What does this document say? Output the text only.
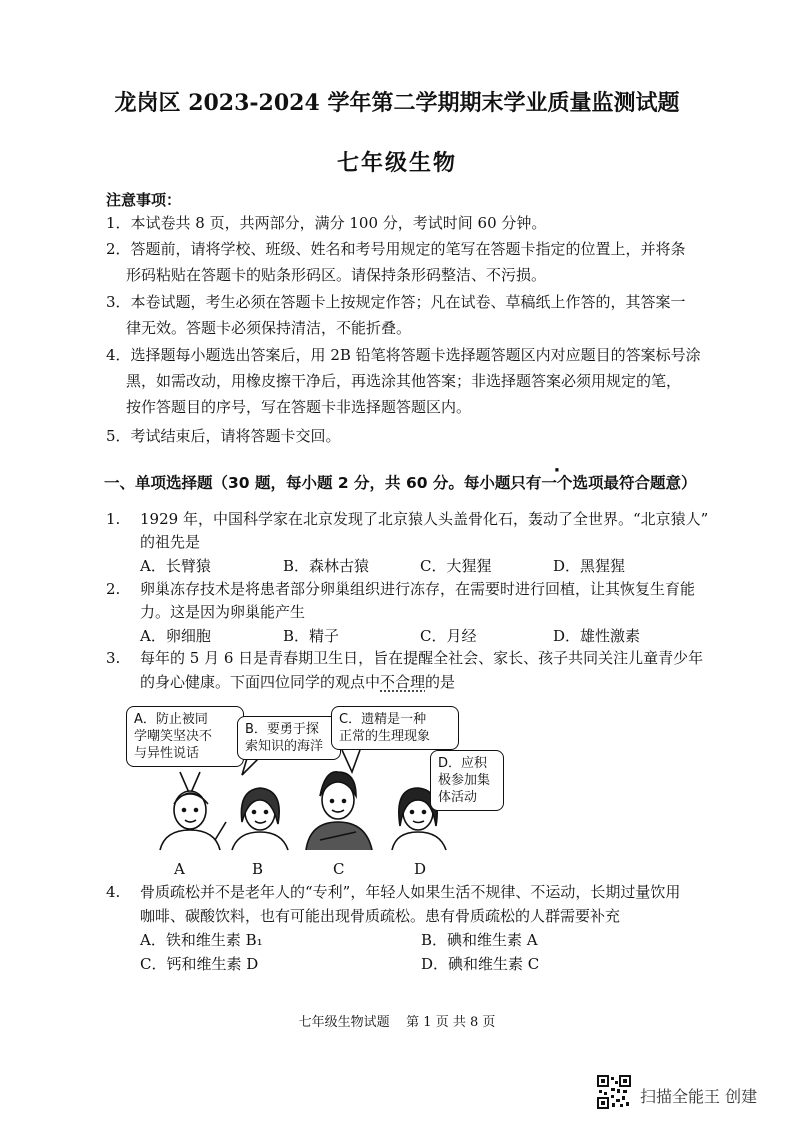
龙岗区 2023-2024 学年第二学期期末学业质量监测试题
七年级生物
注意事项：
1．本试卷共 8 页，共两部分，满分 100 分，考试时间 60 分钟。
2．答题前，请将学校、班级、姓名和考号用规定的笔写在答题卡指定的位置上，并将条
形码粘贴在答题卡的贴条形码区。请保持条形码整洁、不污损。
3．本卷试题，考生必须在答题卡上按规定作答；凡在试卷、草稿纸上作答的，其答案一
律无效。答题卡必须保持清洁，不能折叠。
4．选择题每小题选出答案后，用 2B 铅笔将答题卡选择题答题区内对应题目的答案标号涂
黑，如需改动，用橡皮擦干净后，再选涂其他答案；非选择题答案必须用规定的笔，
按作答题目的序号，写在答题卡非选择题答题区内。
5．考试结束后，请将答题卡交回。
一、单项选择题（30 题，每小题 2 分，共 60 分。每小题只有一个选项最符合题意）
1. 1929 年，中国科学家在北京发现了北京猿人头盖骨化石，轰动了全世界。“北京猿人”
的祖先是
A．长臂猿	B．森林古猿	C．大猩猩	D．黑猩猩
2. 卵巢冻存技术是将患者部分卵巢组织进行冻存，在需要时进行回植，让其恢复生育能
力。这是因为卵巢能产生
A．卵细胞	B．精子	C．月经	D．雄性激素
3. 每年的 5 月 6 日是青春期卫生日，旨在提醒全社会、家长、孩子共同关注儿童青少年
的身心健康。下面四位同学的观点中不合理的是
A．防止被同
学嘲笑坚决不
与异性说话
B．要勇于探
索知识的海洋
C．遗精是一种
正常的生理现象
D．应积
极参加集
体活动
A	B	C	D
4. 骨质疏松并不是老年人的“专利”，年轻人如果生活不规律、不运动，长期过量饮用
咖啡、碳酸饮料，也有可能出现骨质疏松。患有骨质疏松的人群需要补充
A．铁和维生素 B₁	B．碘和维生素 A
C．钙和维生素 D	D．碘和维生素 C
七年级生物试题    第 1 页 共 8 页
扫描全能王 创建
